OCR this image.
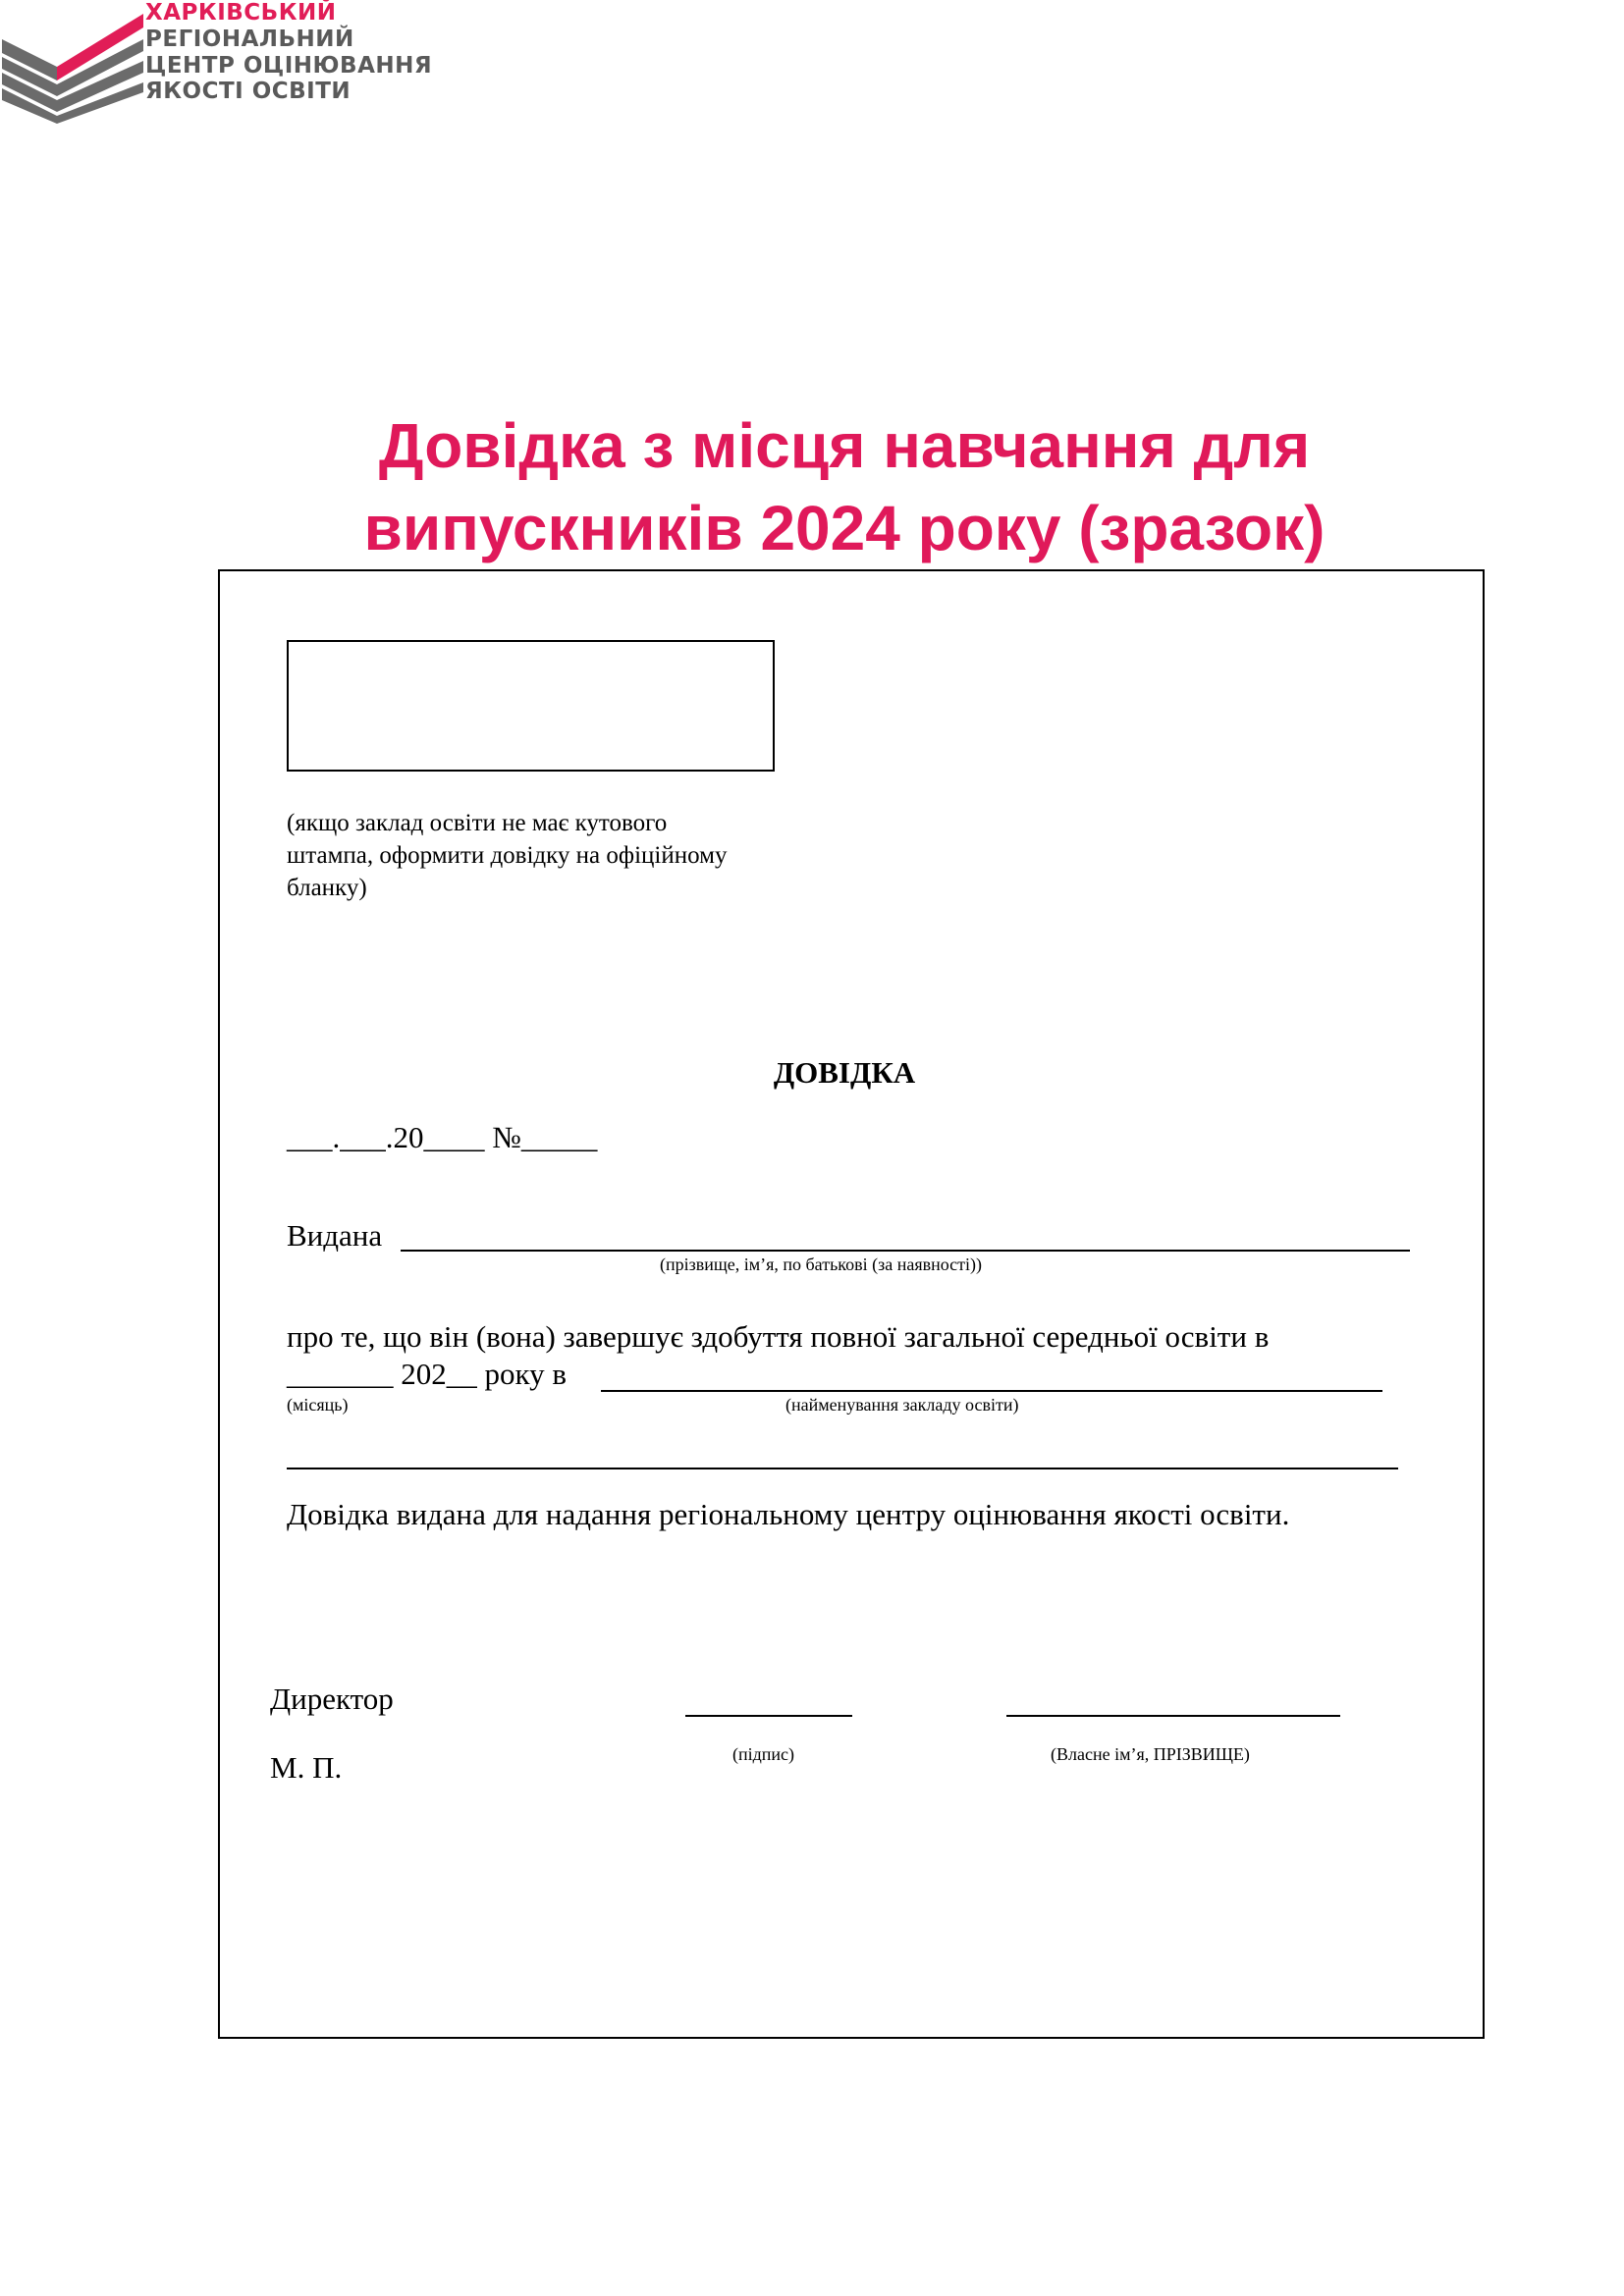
ХАРКІВСЬКИЙ
РЕГІОНАЛЬНИЙ
ЦЕНТР ОЦІНЮВАННЯ
ЯКОСТІ ОСВІТИ
Довідка з місця навчання для
випускників 2024 року (зразок)
(якщо заклад освіти не має кутового
штампа, оформити довідку на офіційному
бланку)
ДОВІДКА
___.___.20____ №_____
Видана
(прізвище, ім’я, по батькові (за наявності))
про те, що він (вона) завершує здобуття повної загальної середньої освіти в
_______ 202__ року в
(місяць)	(найменування закладу освіти)
Довідка видана для надання регіональному центру оцінювання якості освіти.
Директор
(підпис)	(Власне ім’я, ПРІЗВИЩЕ)
М. П.
